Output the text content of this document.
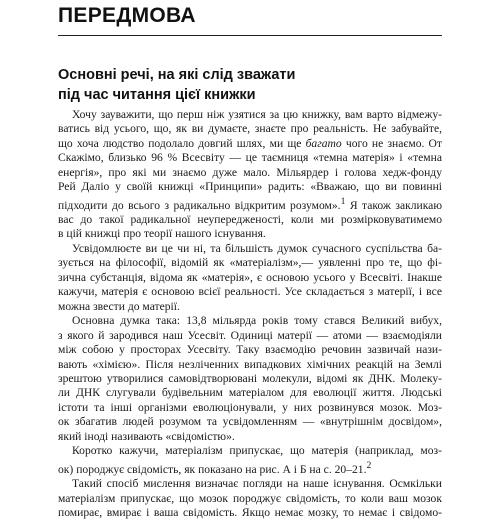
ПЕРЕДМОВА
Основні речі, на які слід зважати
під час читання цієї книжки
Хочу зауважити, що перш ніж узятися за цю книжку, вам варто відмежу-
ватись від усього, що, як ви думаєте, знаєте про реальність. Не забувайте,
що хоча людство подолало довгий шлях, ми ще багато чого не знаємо. От
Скажімо, близько 96 % Всесвіту — це таємниця «темна матерія» і «темна
енергія», про які ми знаємо дуже мало. Мільярдер і голова хедж-фонду
Рей Даліо у своїй книжці «Принципи» радить: «Вважаю, що ви повинні
підходити до всього з радикально відкритим розумом».$^1$ Я також закликаю
вас до такої радикальної неупередженості, коли ми розмірковуватимемо
в цій книжці про теорії нашого існування.
Усвідомлюєте ви це чи ні, та більшість думок сучасного суспільства ба-
зується на філософії, відомій як «матеріалізм»,— уявленні про те, що фі-
зична субстанція, відома як «матерія», є основою усього у Всесвіті. Інакше
кажучи, матерія є основою всієї реальності. Усе складається з матерії, і все
можна звести до матерії.
Основна думка така: 13,8 мільярда років тому стався Великий вибух,
з якого й зародився наш Усесвіт. Одиниці матерії — атоми — взаємодіяли
між собою у просторах Усесвіту. Таку взаємодію речовин зазвичай нази-
вають «хімією». Після незліченних випадкових хімічних реакцій на Землі
зрештою утворилися самовідтворювані молекули, відомі як ДНК. Молеку-
ли ДНК слугували будівельним матеріалом для еволюції життя. Людські
істоти та інші організми еволюціонували, у них розвинувся мозок. Моз-
ок збагатив людей розумом та усвідомленням — «внутрішнім досвідом»,
який іноді називають «свідомістю».
Коротко кажучи, матеріалізм припускає, що матерія (наприклад, моз-
ок) породжує свідомість, як показано на рис. А і Б на с. 20–21.$^2$
Такий спосіб мислення визначає погляди на наше існування. Осмкільки
матеріалізм припускає, що мозок породжує свідомість, то коли ваш мозок
помирає, вмирає і ваша свідомість. Якщо немає мозку, то немає і свідомо-
